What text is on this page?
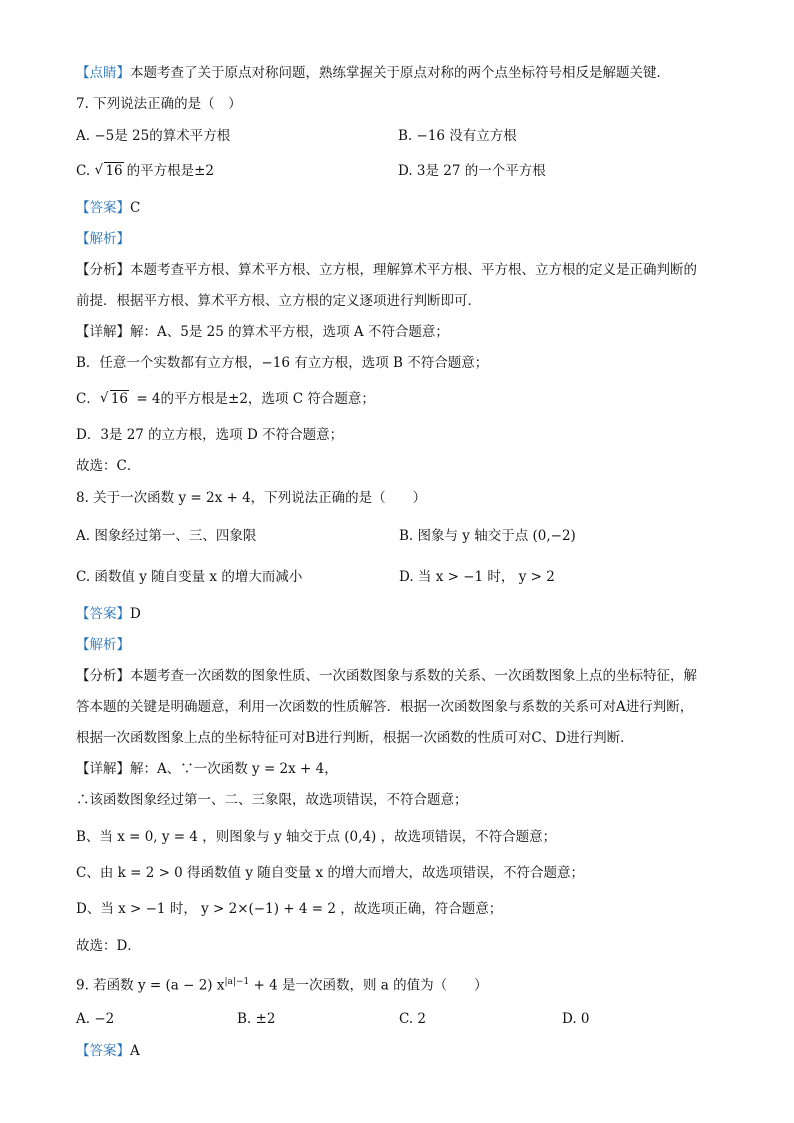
【点睛】本题考查了关于原点对称问题，熟练掌握关于原点对称的两个点坐标符号相反是解题关键．
7. 下列说法正确的是（　）
A. −5是 25的算术平方根	B. −16 没有立方根
C. √ 16 的平方根是±2	D. 3是 27 的一个平方根
【答案】C
【解析】
【分析】本题考查平方根、算术平方根、立方根，理解算术平方根、平方根、立方根的定义是正确判断的
前提．根据平方根、算术平方根、立方根的定义逐项进行判断即可．
【详解】解：A、5是 25 的算术平方根，选项 A 不符合题意；
B．任意一个实数都有立方根，−16 有立方根，选项 B 不符合题意；
C． √ 16 = 4的平方根是±2，选项 C 符合题意；
D．3是 27 的立方根，选项 D 不符合题意；
故选：C．
8. 关于一次函数 y = 2x + 4，下列说法正确的是（　　）
A. 图象经过第一、三、四象限	B. 图象与 y 轴交于点 (0,−2)
C. 函数值 y 随自变量 x 的增大而减小	D. 当 x > −1 时， y > 2
【答案】D
【解析】
【分析】本题考查一次函数的图象性质、一次函数图象与系数的关系、一次函数图象上点的坐标特征，解
答本题的关键是明确题意，利用一次函数的性质解答．根据一次函数图象与系数的关系可对A进行判断，
根据一次函数图象上点的坐标特征可对B进行判断，根据一次函数的性质可对C、D进行判断．
【详解】解：A、∵一次函数 y = 2x + 4，
∴该函数图象经过第一、二、三象限，故选项错误，不符合题意；
B、当 x = 0, y = 4 ，则图象与 y 轴交于点 (0,4) ，故选项错误，不符合题意；
C、由 k = 2 > 0 得函数值 y 随自变量 x 的增大而增大，故选项错误，不符合题意；
D、当 x > −1 时， y > 2×(−1) + 4 = 2 ，故选项正确，符合题意；
故选：D．
9. 若函数 y = (a − 2) $x^{|a|-1} + 4$ 是一次函数，则 a 的值为（　　）
A. −2	B. ±2	C. 2	D. 0
【答案】A
